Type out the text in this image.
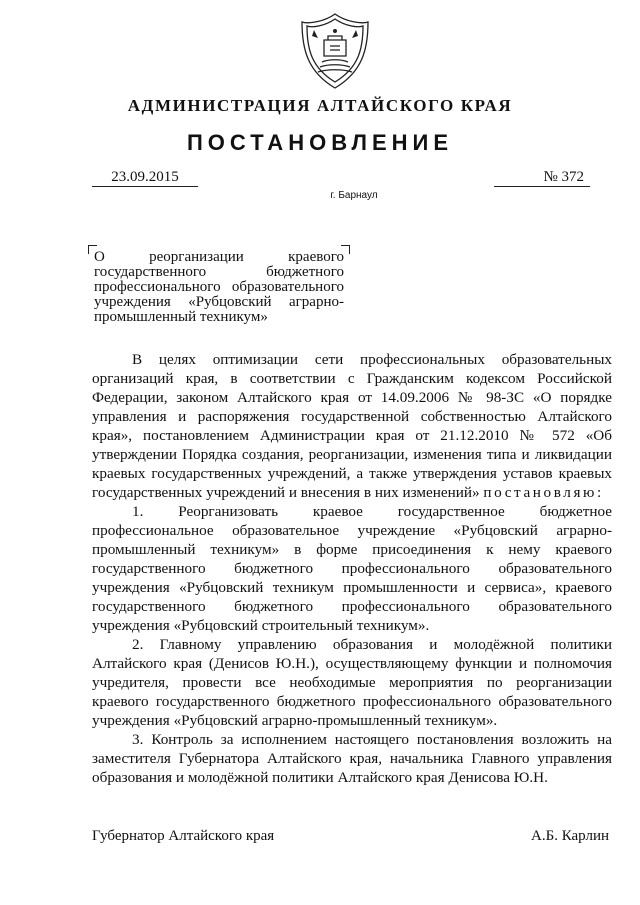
АДМИНИСТРАЦИЯ АЛТАЙСКОГО КРАЯ
ПОСТАНОВЛЕНИЕ
23.09.2015	№ 372
г. Барнаул
О реорганизации краевого государственного бюджетного профессионального образовательного учреждения «Рубцовский аграрно-промышленный техникум»

В целях оптимизации сети профессиональных образовательных организаций края, в соответствии с Гражданским кодексом Российской Федерации, законом Алтайского края от 14.09.2006 № 98-ЗС «О порядке управления и распоряжения государственной собственностью Алтайского края», постановлением Администрации края от 21.12.2010 № 572 «Об утверждении Порядка создания, реорганизации, изменения типа и ликвидации краевых государственных учреждений, а также утверждения уставов краевых государственных учреждений и внесения в них изменений» постановляю:

1. Реорганизовать краевое государственное бюджетное профессиональное образовательное учреждение «Рубцовский аграрно-промышленный техникум» в форме присоединения к нему краевого государственного бюджетного профессионального образовательного учреждения «Рубцовский техникум промышленности и сервиса», краевого государственного бюджетного профессионального образовательного учреждения «Рубцовский строительный техникум».

2. Главному управлению образования и молодёжной политики Алтайского края (Денисов Ю.Н.), осуществляющему функции и полномочия учредителя, провести все необходимые мероприятия по реорганизации краевого государственного бюджетного профессионального образовательного учреждения «Рубцовский аграрно-промышленный техникум».

3. Контроль за исполнением настоящего постановления возложить на заместителя Губернатора Алтайского края, начальника Главного управления образования и молодёжной политики Алтайского края Денисова Ю.Н.

Губернатор Алтайского края	А.Б. Карлин
